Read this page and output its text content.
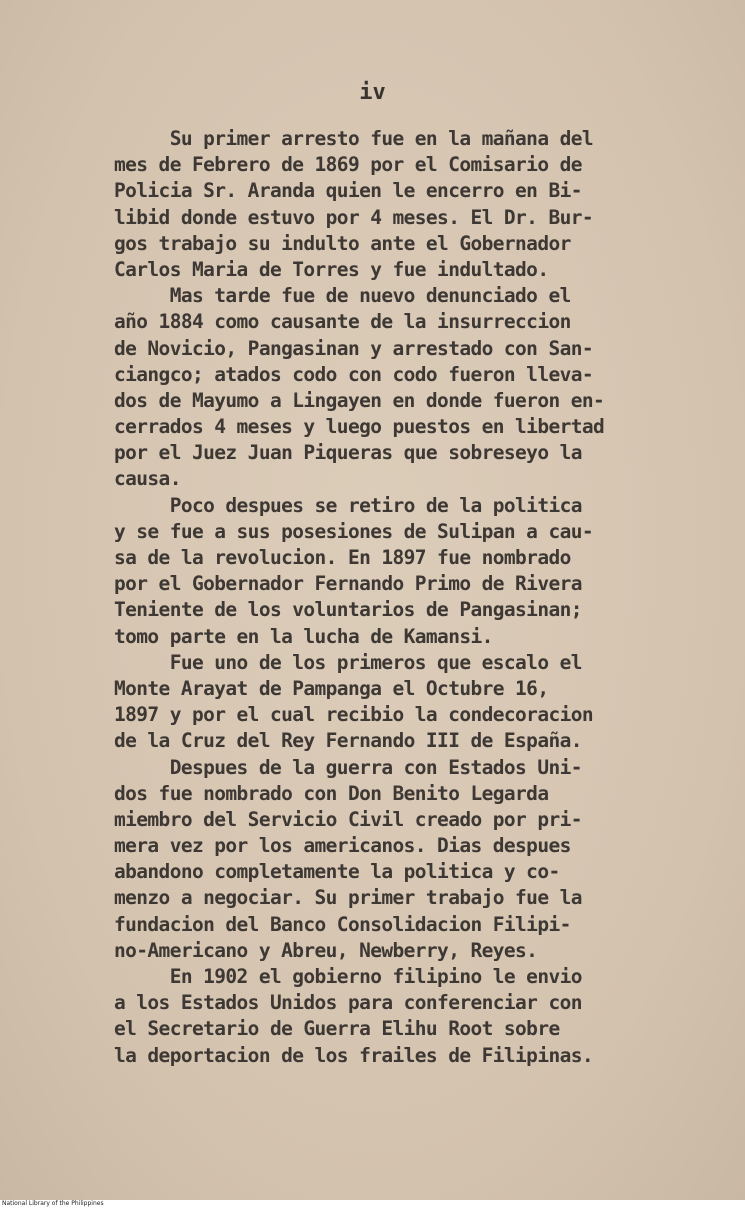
iv
Su primer arresto fue en la mañana del
mes de Febrero de 1869 por el Comisario de
Policia Sr. Aranda quien le encerro en Bi-
libid donde estuvo por 4 meses. El Dr. Bur-
gos trabajo su indulto ante el Gobernador
Carlos Maria de Torres y fue indultado.
Mas tarde fue de nuevo denunciado el
año 1884 como causante de la insurreccion
de Novicio, Pangasinan y arrestado con San-
ciangco; atados codo con codo fueron lleva-
dos de Mayumo a Lingayen en donde fueron en-
cerrados 4 meses y luego puestos en libertad
por el Juez Juan Piqueras que sobreseyo la
causa.
Poco despues se retiro de la politica
y se fue a sus posesiones de Sulipan a cau-
sa de la revolucion. En 1897 fue nombrado
por el Gobernador Fernando Primo de Rivera
Teniente de los voluntarios de Pangasinan;
tomo parte en la lucha de Kamansi.
Fue uno de los primeros que escalo el
Monte Arayat de Pampanga el Octubre 16,
1897 y por el cual recibio la condecoracion
de la Cruz del Rey Fernando III de España.
Despues de la guerra con Estados Uni-
dos fue nombrado con Don Benito Legarda
miembro del Servicio Civil creado por pri-
mera vez por los americanos. Dias despues
abandono completamente la politica y co-
menzo a negociar. Su primer trabajo fue la
fundacion del Banco Consolidacion Filipi-
no-Americano y Abreu, Newberry, Reyes.
En 1902 el gobierno filipino le envio
a los Estados Unidos para conferenciar con
el Secretario de Guerra Elihu Root sobre
la deportacion de los frailes de Filipinas.
National Library of the Philippines
